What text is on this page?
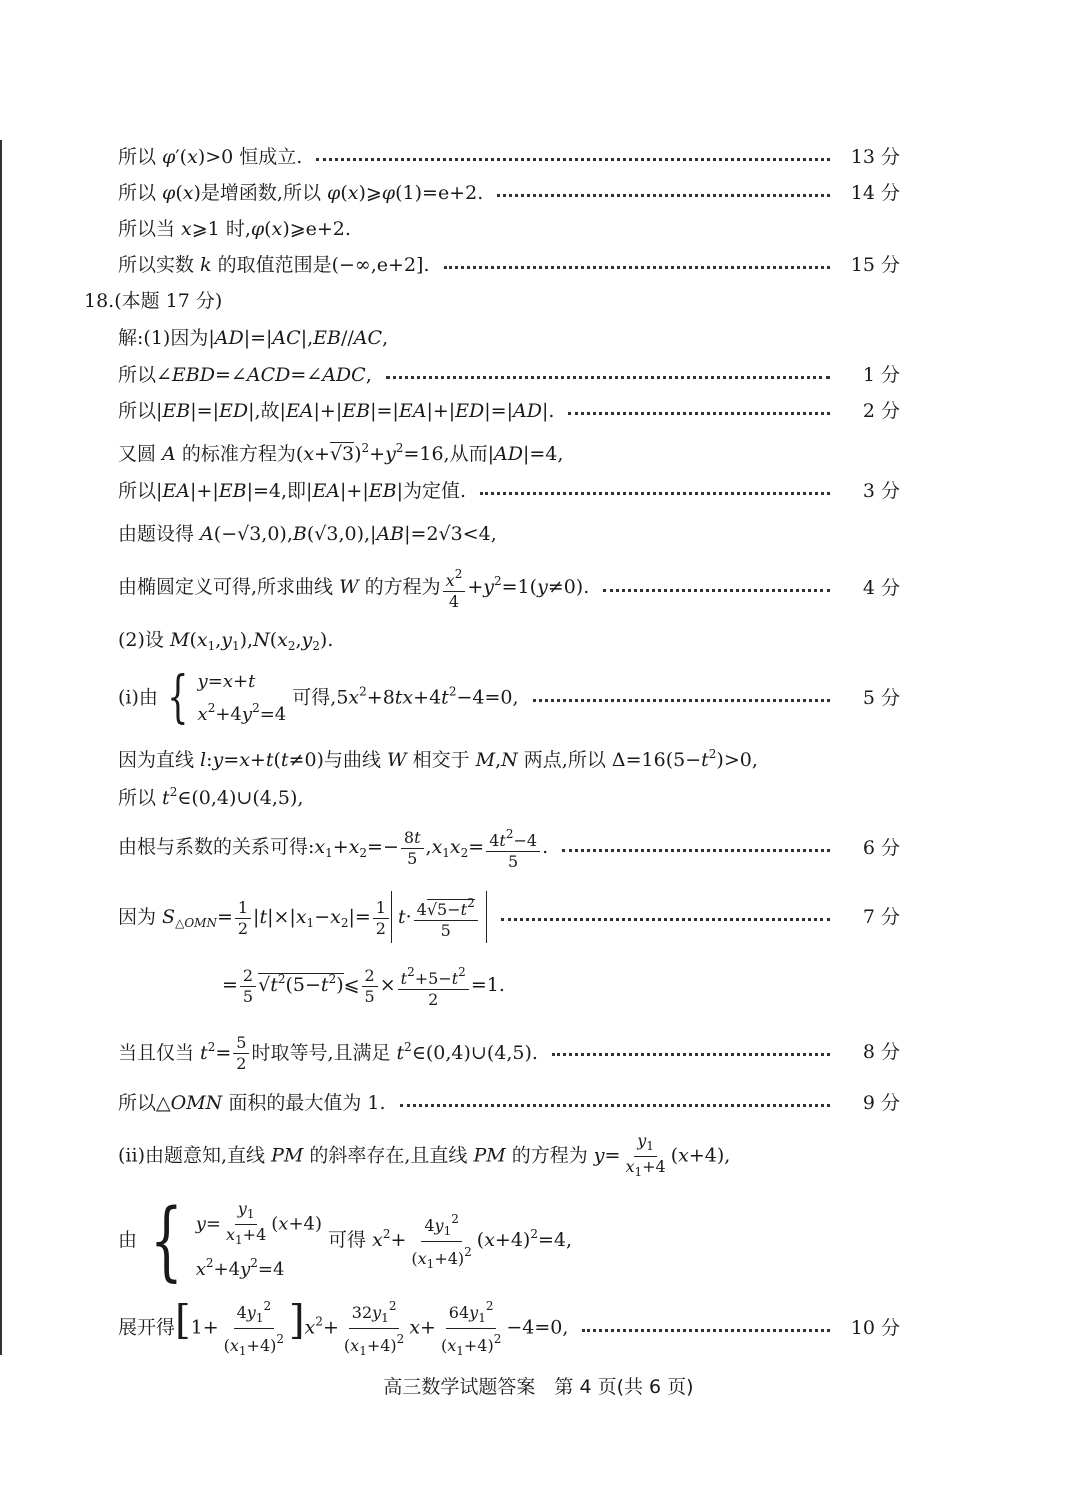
所以 φ′(x)>0 恒成立.	13 分
所以 φ(x)是增函数,所以 φ(x)⩾φ(1)=e+2.	14 分
所以当 x⩾1 时,φ(x)⩾e+2.
所以实数 k 的取值范围是(−∞,e+2].	15 分
18.(本题 17 分)
解:(1)因为|AD|=|AC|,EB//AC,
所以∠EBD=∠ACD=∠ADC,	1 分
所以|EB|=|ED|,故|EA|+|EB|=|EA|+|ED|=|AD|.	2 分
又圆 A 的标准方程为$(x+√3)^2+y^2=16$,从而|AD|=4,
所以|EA|+|EB|=4,即|EA|+|EB|为定值.	3 分
由题设得 A(−√3,0),B(√3,0),|AB|=2√3<4,
由椭圆定义可得,所求曲线 W 的方程为 $\frac{x^2}{4} +y^2=1(y\ne 0)$.	4 分
(2)设 $M(x_1,y_1),N(x_2,y_2)$.
(i)由 { y=x+t
$x^2+4y^2=4$
可得$,5x^2+8tx+4t^2-4=0$,	5 分
因为直线 l:y=x+t(t≠0)与曲线 W 相交于 M,N 两点,所以 $\Delta=16(5-t^2)>0$,
所以 $t^2\in(0,4)\cup(4,5)$,
由根与系数的关系可得$:x_1+x_2=- \frac{8t}{5} ,x_1x_2= \frac{4t^2-4}{5}$ .	6 分
因为 $S_{\triangle OMN}= \frac{1}{2} |t|\times|x_1-x_2|= \frac{1}{2}$ $t \cdot \frac{4√5-t^2}{5}$	7 分
= $\frac{2}{5}$ $√t^2(5-t^2)⩽ \frac{2}{5} \times \frac{t^2+5-t^2}{2} =1$.
当且仅当 $t^2= \frac{5}{2}$ 时取等号,且满足 $t^2\in(0,4)\cup(4,5)$.	8 分
所以△OMN 面积的最大值为 1.	9 分
(ii)由题意知,直线 PM 的斜率存在,且直线 PM 的方程为 $y= \frac{y_1}{x_1+4} (x+4)$,
由 { $y= \frac{y_1}{x_1+4} (x+4)$
$x^2+4y^2=4$
可得 $x^2+ \frac{4y_1^2}{(x_1+4)^2} (x+4)^2=4$,
展开得$[1+ \frac{4y_1^2}{(x_1+4)^2} ]x^2+ \frac{32y_1^2}{(x_1+4)^2} x+ \frac{64y_1^2}{(x_1+4)^2} -4=0$,	10 分
高三数学试题答案　第 4 页(共 6 页)
